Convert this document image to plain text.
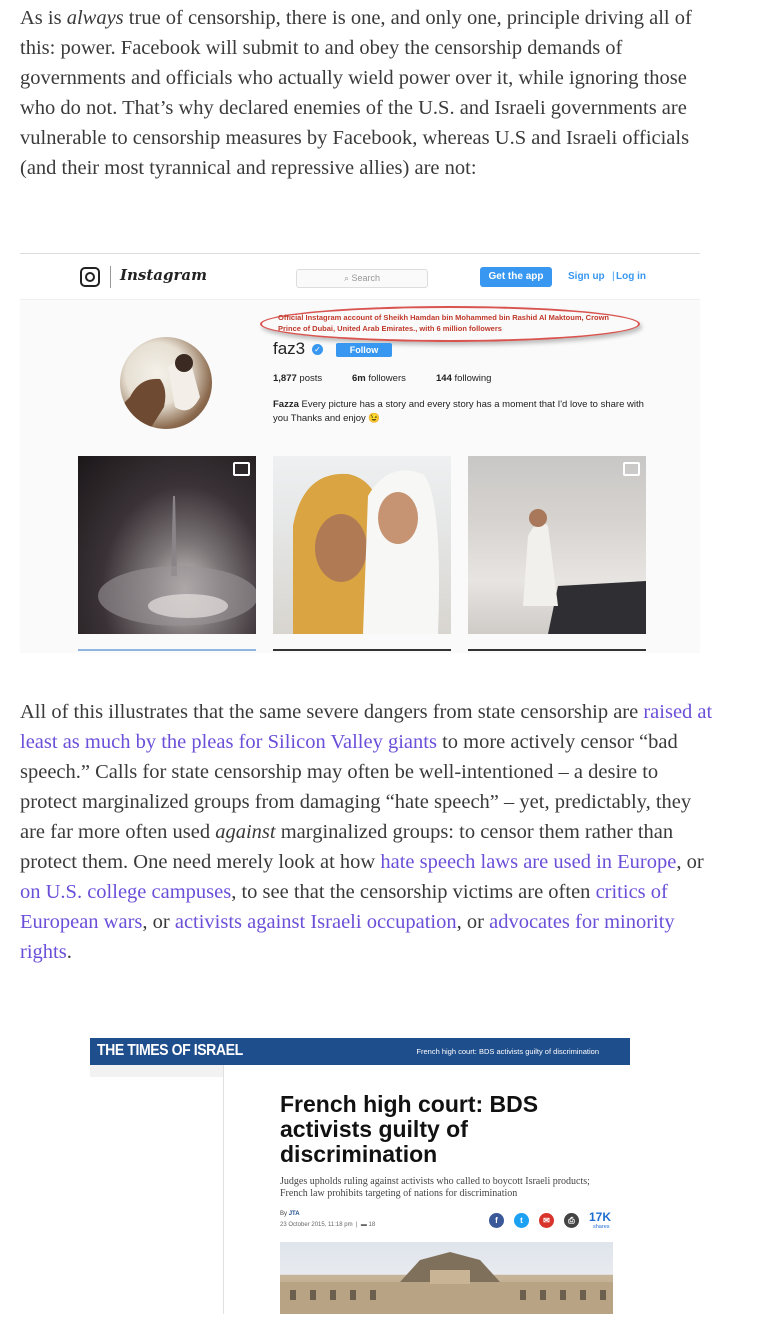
As is always true of censorship, there is one, and only one, principle driving all of this: power. Facebook will submit to and obey the censorship demands of governments and officials who actually wield power over it, while ignoring those who do not. That’s why declared enemies of the U.S. and Israeli governments are vulnerable to censorship measures by Facebook, whereas U.S and Israeli officials (and their most tyrannical and repressive allies) are not:

Instagram	⌕ Search	Get the app	Sign up | Log in
Official Instagram account of Sheikh Hamdan bin Mohammed bin Rashid Al Maktoum, Crown Prince of Dubai, United Arab Emirates., with 6 million followers
faz3 ✓	Follow
1,877 posts	6m followers	144 following
Fazza Every picture has a story and every story has a moment that I'd love to share with you Thanks and enjoy 😉

All of this illustrates that the same severe dangers from state censorship are raised at least as much by the pleas for Silicon Valley giants to more actively censor “bad speech.” Calls for state censorship may often be well-intentioned – a desire to protect marginalized groups from damaging “hate speech” – yet, predictably, they are far more often used against marginalized groups: to censor them rather than protect them. One need merely look at how hate speech laws are used in Europe, or on U.S. college campuses, to see that the censorship victims are often critics of European wars, or activists against Israeli occupation, or advocates for minority rights.

THE TIMES OF ISRAEL	French high court: BDS activists guilty of discrimination
French high court: BDS activists guilty of discrimination
Judges upholds ruling against activists who called to boycott Israeli products; French law prohibits targeting of nations for discrimination
By JTA
23 October 2015, 11:18 pm | ▬ 18	f	t	✉	⎙	17K
shares
